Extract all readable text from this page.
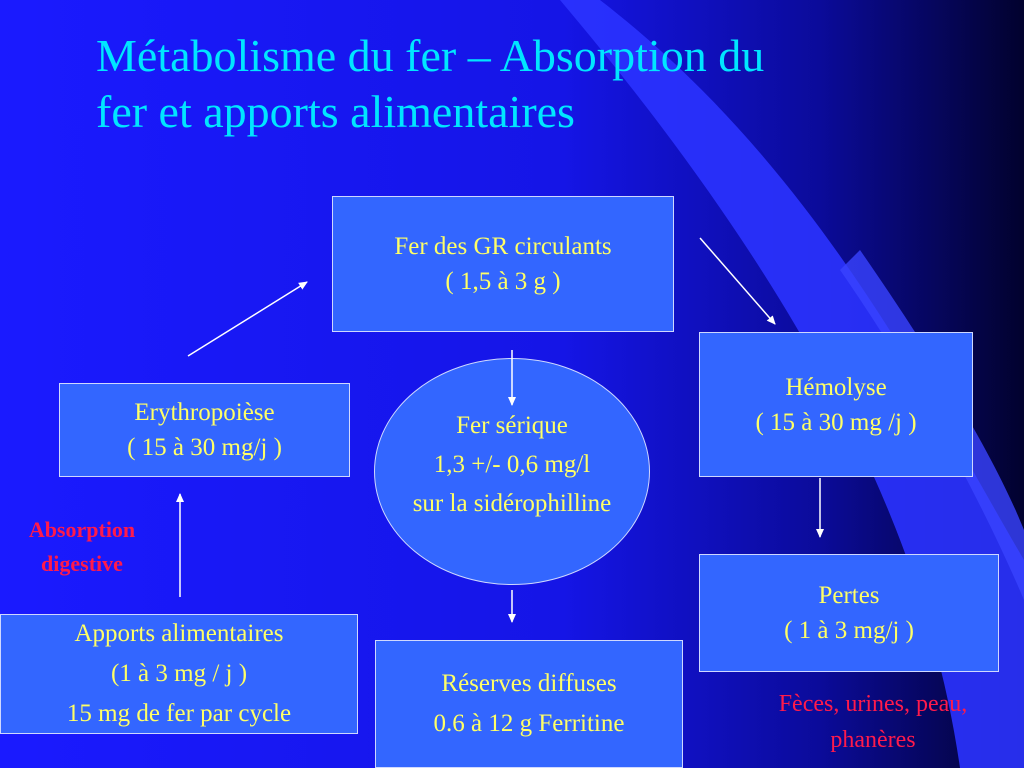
Métabolisme du fer – Absorption du
fer et apports alimentaires
Fer des GR circulants
( 1,5 à 3 g )
Erythropoièse
( 15 à 30 mg/j )
Fer sérique
1,3 +/- 0,6 mg/l
sur la sidérophilline
Hémolyse
( 15 à 30 mg /j )
Pertes
( 1 à 3 mg/j )
Apports alimentaires
(1 à 3 mg / j )
15 mg de fer par cycle
Réserves diffuses
0.6 à 12 g Ferritine
Absorption
digestive
Fèces, urines, peau,
phanères
